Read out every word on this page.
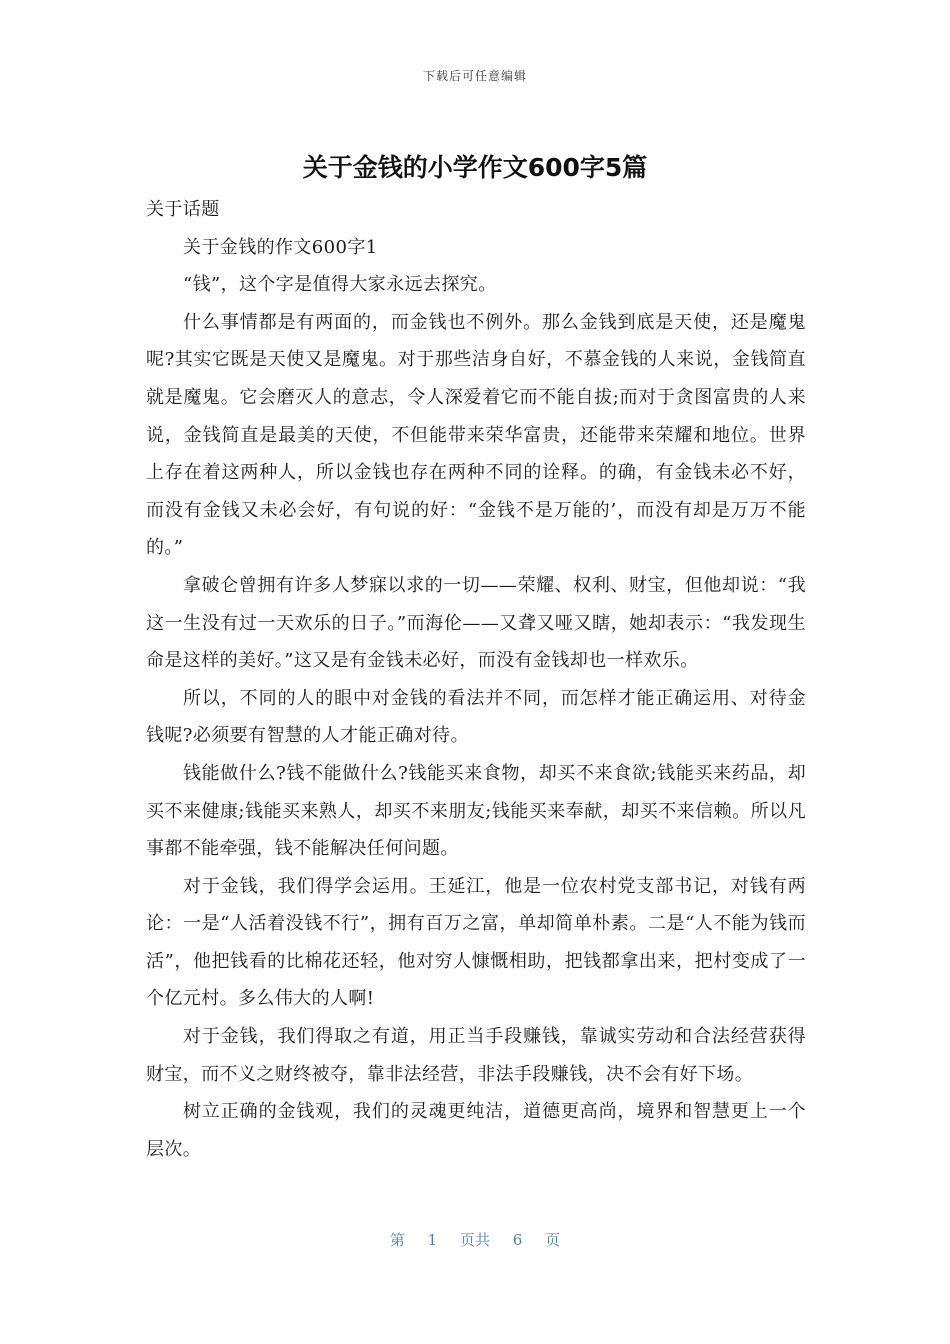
下载后可任意编辑
关于金钱的小学作文600字5篇

关于话题

关于金钱的作文600字1

“钱”，这个字是值得大家永远去探究。

什么事情都是有两面的，而金钱也不例外。那么金钱到底是天使，还是魔鬼呢?其实它既是天使又是魔鬼。对于那些洁身自好，不慕金钱的人来说，金钱简直就是魔鬼。它会磨灭人的意志，令人深爱着它而不能自拔;而对于贪图富贵的人来说，金钱简直是最美的天使，不但能带来荣华富贵，还能带来荣耀和地位。世界上存在着这两种人，所以金钱也存在两种不同的诠释。的确，有金钱未必不好，而没有金钱又未必会好，有句说的好：“金钱不是万能的’，而没有却是万万不能的。”

拿破仑曾拥有许多人梦寐以求的一切——荣耀、权利、财宝，但他却说：“我这一生没有过一天欢乐的日子。”而海伦——又聋又哑又瞎，她却表示：“我发现生命是这样的美好。”这又是有金钱未必好，而没有金钱却也一样欢乐。

所以，不同的人的眼中对金钱的看法并不同，而怎样才能正确运用、对待金钱呢?必须要有智慧的人才能正确对待。

钱能做什么?钱不能做什么?钱能买来食物，却买不来食欲;钱能买来药品，却买不来健康;钱能买来熟人，却买不来朋友;钱能买来奉献，却买不来信赖。所以凡事都不能牵强，钱不能解决任何问题。

对于金钱，我们得学会运用。王延江，他是一位农村党支部书记，对钱有两论：一是“人活着没钱不行”，拥有百万之富，单却简单朴素。二是“人不能为钱而活”，他把钱看的比棉花还轻，他对穷人慷慨相助，把钱都拿出来，把村变成了一个亿元村。多么伟大的人啊!

对于金钱，我们得取之有道，用正当手段赚钱，靠诚实劳动和合法经营获得财宝，而不义之财终被夺，靠非法经营，非法手段赚钱，决不会有好下场。

树立正确的金钱观，我们的灵魂更纯洁，道德更高尚，境界和智慧更上一个层次。

第 1 页共 6 页
